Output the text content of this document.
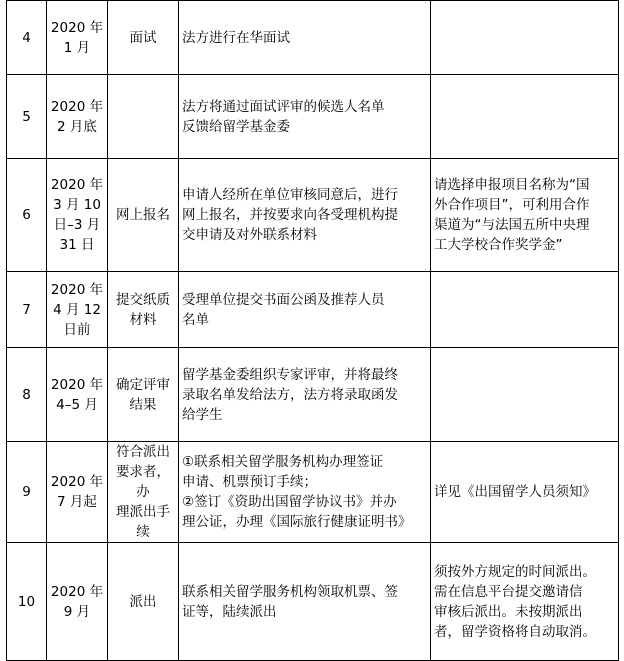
4	2020 年
1 月	面试	法方进行在华面试	
5	2020 年
2 月底		法方将通过面试评审的候选人名单
反馈给留学基金委	
6	2020 年
3 月 10
日–3 月
31 日	网上报名	申请人经所在单位审核同意后，进行
网上报名，并按要求向各受理机构提
交申请及对外联系材料	请选择申报项目名称为“国
外合作项目”，可利用合作
渠道为“与法国五所中央理
工大学校合作奖学金”
7	2020 年
4 月 12
日前	提交纸质
材料	受理单位提交书面公函及推荐人员
名单	
8	2020 年
4–5 月	确定评审
结果	留学基金委组织专家评审，并将最终
录取名单发给法方，法方将录取函发
给学生	
9	2020 年
7 月起	符合派出
要求者，办
理派出手
续	①联系相关留学服务机构办理签证
申请、机票预订手续；
②签订《资助出国留学协议书》并办
理公证，办理《国际旅行健康证明书》	详见《出国留学人员须知》
10	2020 年
9 月	派出	联系相关留学服务机构领取机票、签
证等，陆续派出	须按外方规定的时间派出。
需在信息平台提交邀请信
审核后派出。未按期派出
者，留学资格将自动取消。
